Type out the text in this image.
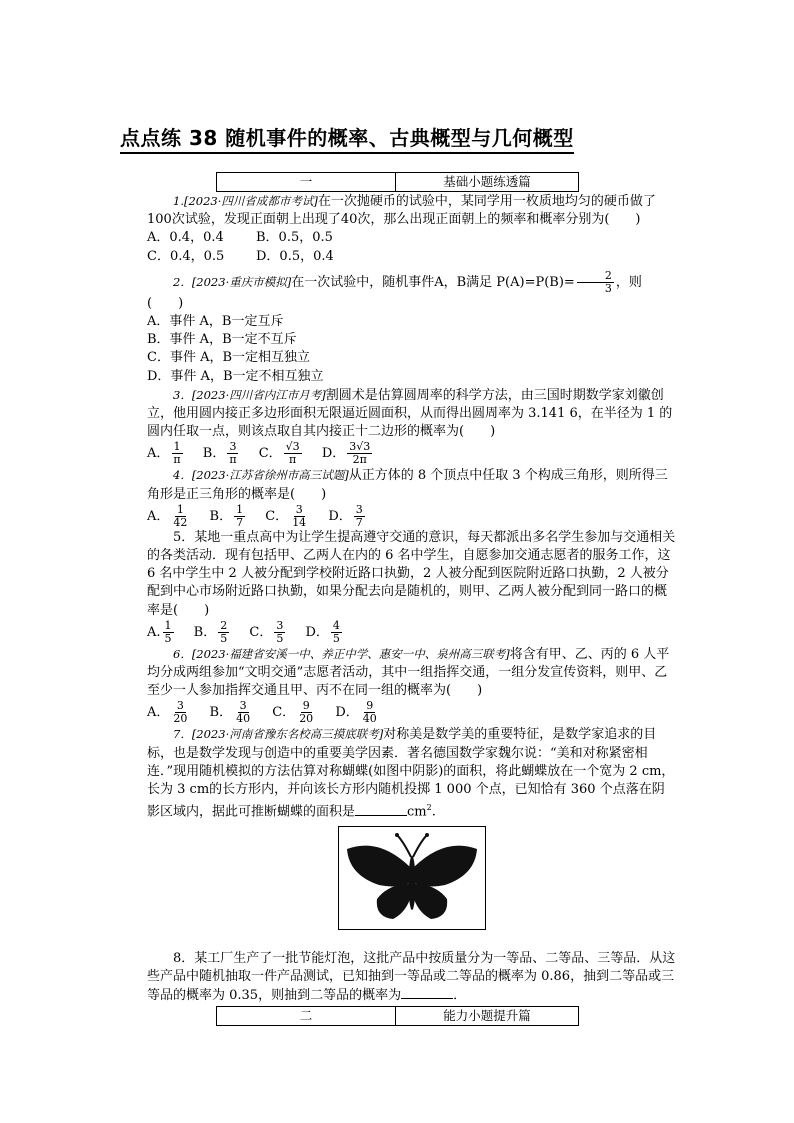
点点练 38 随机事件的概率、古典概型与几何概型
一	基础小题练透篇

1.[2023·四川省成都市考试]在一次抛硬币的试验中，某同学用一枚质地均匀的硬币做了100次试验，发现正面朝上出现了40次，那么出现正面朝上的频率和概率分别为(　　)

A．0.4，0.4 B．0.5，0.5

C．0.4，0.5 D．0.5，0.4

2．[2023·重庆市模拟]在一次试验中，随机事件A，B满足 $P(A)=P(B)= \frac{2}{3}$ ，则(　　)

A．事件 A，B一定互斥

B．事件 A，B一定不互斥

C．事件 A，B一定相互独立

D．事件 A，B一定不相互独立

3．[2023·四川省内江市月考]割圆术是估算圆周率的科学方法，由三国时期数学家刘徽创立，他用圆内接正多边形面积无限逼近圆面积，从而得出圆周率为 3.141 6，在半径为 1 的圆内任取一点，则该点取自其内接正十二边形的概率为(　　)

A． $\frac{1}{\pi}$ B． $\frac{3}{\pi}$ C． $\frac{√3}{\pi}$ D． $\frac{3√3}{2\pi}$

4．[2023·江苏省徐州市高三试题]从正方体的 8 个顶点中任取 3 个构成三角形，则所得三角形是正三角形的概率是(　　)

A． $\frac{1}{42}$ B． $\frac{1}{7}$ C． $\frac{3}{14}$ D． $\frac{3}{7}$

5．某地一重点高中为让学生提高遵守交通的意识，每天都派出多名学生参加与交通相关的各类活动．现有包括甲、乙两人在内的 6 名中学生，自愿参加交通志愿者的服务工作，这 6 名中学生中 2 人被分配到学校附近路口执勤，2 人被分配到医院附近路口执勤，2 人被分配到中心市场附近路口执勤，如果分配去向是随机的，则甲、乙两人被分配到同一路口的概率是(　　)

A. $\frac{1}{5}$ B． $\frac{2}{5}$ C． $\frac{3}{5}$ D． $\frac{4}{5}$

6．[2023·福建省安溪一中、养正中学、惠安一中、泉州高三联考]将含有甲、乙、丙的 6 人平均分成两组参加“文明交通”志愿者活动，其中一组指挥交通，一组分发宣传资料，则甲、乙至少一人参加指挥交通且甲、丙不在同一组的概率为(　　)

A． $\frac{3}{20}$ B． $\frac{3}{40}$ C． $\frac{9}{20}$ D． $\frac{9}{40}$

7．[2023·河南省豫东名校高三摸底联考]对称美是数学美的重要特征，是数学家追求的目标，也是数学发现与创造中的重要美学因素．著名德国数学家魏尔说：“美和对称紧密相连．”现用随机模拟的方法估算对称蝴蝶(如图中阴影)的面积，将此蝴蝶放在一个宽为 2 cm，长为 3 cm的长方形内，并向该长方形内随机投掷 1 000 个点，已知恰有 360 个点落在阴影区域内，据此可推断蝴蝶的面积是	$cm^2$.

8．某工厂生产了一批节能灯泡，这批产品中按质量分为一等品、二等品、三等品．从这些产品中随机抽取一件产品测试，已知抽到一等品或二等品的概率为 0.86，抽到二等品或三等品的概率为 0.35，则抽到二等品的概率为	．

二	能力小题提升篇
